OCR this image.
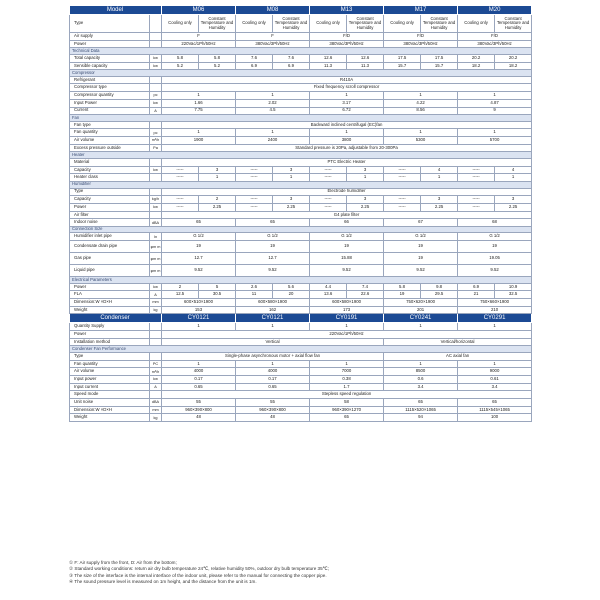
Model		M06		M08		M13		M17		M20	
Type		Cooling only	Constant Temperature and Humidity	Cooling only	Constant Temperature and Humidity	Cooling only	Constant Temperature and Humidity	Cooling only	Constant Temperature and Humidity	Cooling only	Constant Temperature and Humidity
Air supply		F		F		F/D		F/D		F/D	
Power		220Vac/1Ph/50Hz		380Vac/3Ph/50Hz		380Vac/3Ph/50Hz		380Vac/3Ph/50Hz		380Vac/3Ph/50Hz	
Technical Data											
Total capacity	kw	5.8	5.8	7.6	7.6	12.6	12.6	17.5	17.5	20.2	20.2
Sensible capacity	kw	5.2	5.2	6.9	6.9	11.3	11.3	15.7	15.7	18.2	18.2
Compressor											
Refrigerant		R410A									
Compressor type		Fixed frequency scroll compressor									
Compressor quantity	pc	1		1		1		1		1	
Input Power	kw	1.66		2.02		3.17		4.22		4.87	
Current	A	7.75		4.5		6.72		8.56		9	
Fan											
Fan type		Backward inclined centrifugal (EC)fan									
Fan quantity	pc	1		1		1		1		1	
Air volume	m³/h	1900		2400		3800		5300		5700	
Excess pressure outside	Pa	Standard pressure is 20Pa, adjustable from 20-300Pa									
Heater											
Material		PTC Electric Heater									
Capacity	kw	-----	3	-----	3	-----	3	-----	4	-----	4
Heater class		-----	1	-----	1	-----	1	-----	1	-----	1
Humidifier											
Type		Electrode humidifier									
Capacity	kg/h	-----	2	-----	3	-----	3	-----	3	-----	3
Power	kw	-----	2.25	-----	2.25	-----	2.25	-----	2.25	-----	2.25
Air filter		G4 plate filter									
Indoor noise	dBA	65		65		66		67		68	
Connection Size											
Humidifier inlet pipe	In	G 1/2		G 1/2		G 1/2		G 1/2		G 1/2	
Condensate drain pipe	φm m	19		19		19		19		19	
Gas pipe	φm m	12.7		12.7		15.88		19		19.05	
Liquid pipe	φm m	9.52		9.52		9.52		9.52		9.52	
Electrical Parameters											
Power	kw	2	5	2.6	5.6	4.4	7.4	5.8	9.8	6.9	10.9
FLA	A	12.5	30.5	11	20	13.6	22.6	19	29.5	21	32.5
Dimension:W ×D×H	mm	600×510×1900		600×580×1900		600×580×1900		750×620×1900		750×660×1900	
Weight	kg	153		162		173		201		210	
Condenser		CY0121		CY0121		CY0191		CY0241		CY0291	
Quantity Supply		1		1		1		1		1	
Power		220Vac/1Ph/50Hz									
Installation method		Vertical						Vertical/horizontal			
Condenser Fan Performance											
Type		Single-phase asynchronous motor + axial flow fan						AC axial fan			
Fan quantity	PC	1		1		1		1		1	
Air volume	m³/h	4000		4000		7000		8500		9000	
Input power	kw	0.17		0.17		0.38		0.6		0.61	
Input current	A	0.65		0.65		1.7		3.4		3.4	
Speed mode		Stepless speed regulation									
Unit noise	dBA	55		55		58		65		65	
Dimension:W ×D×H	mm	960×390×800		960×390×800		960×390×1270		1115×520×1065		1115×545×1065	
Weight	kg	48		48		65		94		100	
① F: Air supply from the front, D: Air from the bottom;
② Standard working conditions: return air dry bulb temperature 24℃, relative humidity 50%, outdoor dry bulb temperature 35℃;
③ The size of the interface is the internal interface of the indoor unit, please refer to the manual for connecting the copper pipe.
④ The sound pressure level is measured on 1m height, and the distance from the unit is 1m.
